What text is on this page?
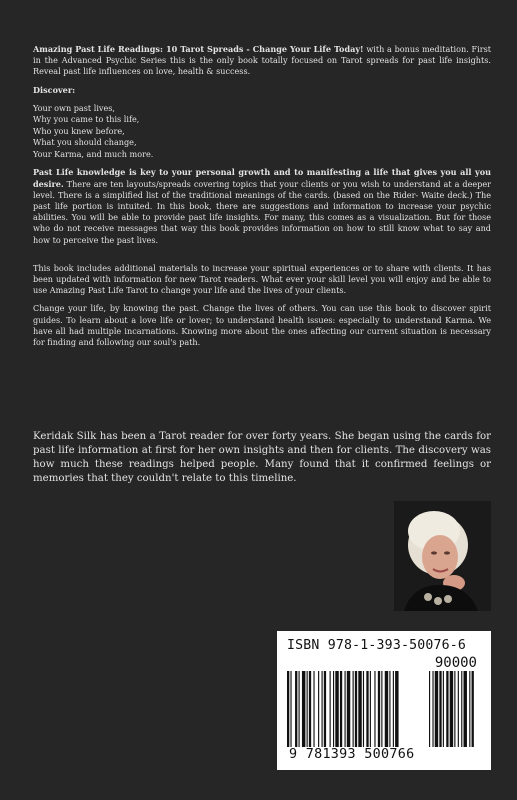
Amazing Past Life Readings: 10 Tarot Spreads - Change Your Life Today! with a bonus meditation. First in the Advanced Psychic Series this is the only book totally focused on Tarot spreads for past life insights. Reveal past life influences on love, health & success.

Discover:

Your own past lives,
Why you came to this life,
Who you knew before,
What you should change,
Your Karma, and much more.

Past Life knowledge is key to your personal growth and to manifesting a life that gives you all you desire. There are ten layouts/spreads covering topics that your clients or you wish to understand at a deeper level. There is a simplified list of the traditional meanings of the cards. (based on the Rider- Waite deck.) The past life portion is intuited. In this book, there are suggestions and information to increase your psychic abilities. You will be able to provide past life insights. For many, this comes as a visualization. But for those who do not receive messages that way this book provides information on how to still know what to say and how to perceive the past lives.

This book includes additional materials to increase your spiritual experiences or to share with clients. It has been updated with information for new Tarot readers. What ever your skill level you will enjoy and be able to use Amazing Past Life Tarot to change your life and the lives of your clients.

Change your life, by knowing the past. Change the lives of others. You can use this book to discover spirit guides. To learn about a love life or lover; to understand health issues: especially to understand Karma. We have all had multiple incarnations. Knowing more about the ones affecting our current situation is necessary for finding and following our soul's path.

Keridak Silk has been a Tarot reader for over forty years. She began using the cards for past life information at first for her own insights and then for clients. The discovery was how much these readings helped people. Many found that it confirmed feelings or memories that they couldn't relate to this timeline.
ISBN 978-1-393-50076-6
90000
9 781393 500766
